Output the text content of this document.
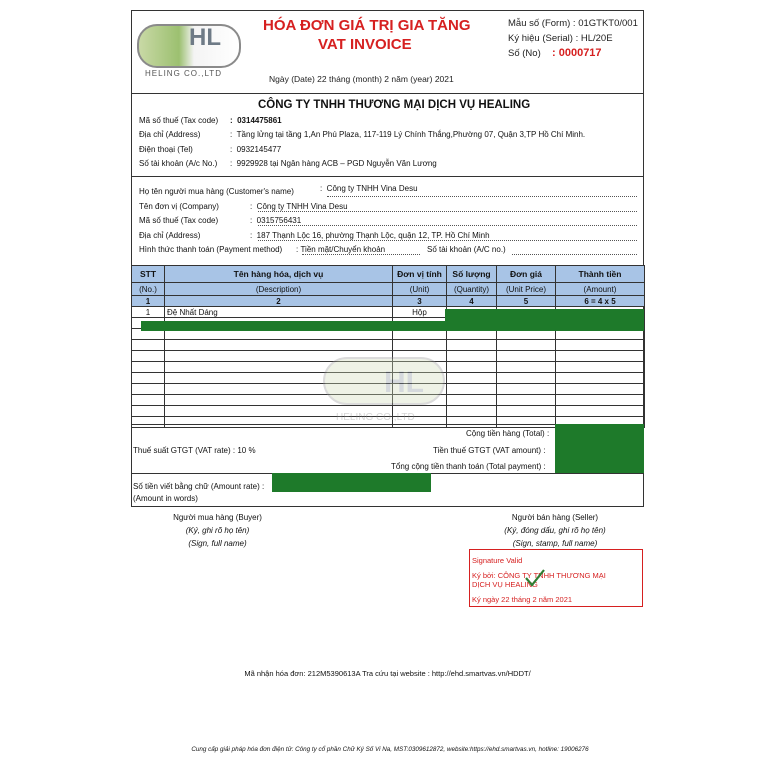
HL
HELING CO.,LTD
HÓA ĐƠN GIÁ TRỊ GIA TĂNG
VAT INVOICE
Ngày (Date) 22 tháng (month) 2 năm (year) 2021
Mẫu số (Form) : 01GTKT0/001
Ký hiệu (Serial) : HL/20E
Số (No) : 0000717
CÔNG TY TNHH THƯƠNG MẠI DỊCH VỤ HEALING
Mã số thuế (Tax code) :  0314475861
Địa chỉ (Address)	:  Tầng lửng tại tầng 1,An Phú Plaza, 117-119 Lý Chính Thắng,Phường 07, Quận 3,TP Hồ Chí Minh.
Điện thoại (Tel)	:  0932145477
Số tài khoản (A/c No.) :  9929928 tại Ngân hàng ACB – PGD Nguyễn Văn Lương
Họ tên người mua hàng (Customer's name)	:  Công ty TNHH Vina Desu
Tên đơn vị (Company)	:  Công ty TNHH Vina Desu
Mã số thuế (Tax code)	:  0315756431
Địa chỉ (Address)	:  187 Thạnh Lộc 16, phường Thạnh Lộc, quận 12, TP. Hồ Chí Minh
Hình thức thanh toán (Payment method) : Tiền mặt/Chuyển khoản	Số tài khoản (A/C no.)
STT	Tên hàng hóa, dịch vụ	Đơn vị tính	Số lượng	Đơn giá	Thành tiền
(No.)	(Description)	(Unit)	(Quantity)	(Unit Price)	(Amount)
1	2	3	4	5	6 = 4 x 5
1	Đệ Nhất Dáng	Hộp			

HL
HELING CO.,LTD
Cộng tiền hàng (Total) :
Thuế suất GTGT (VAT rate) : 10 %	Tiền thuế GTGT (VAT amount) :
Tổng cộng tiền thanh toán (Total payment) :
Số tiền viết bằng chữ (Amount rate) :
(Amount in words)
Người mua hàng (Buyer)
(Ký, ghi rõ họ tên)
(Sign, full name)
Người bán hàng (Seller)
(Ký, đóng dấu, ghi rõ họ tên)
(Sign, stamp, full name)
Signature Valid
Ký bởi: CÔNG TY TNHH THƯƠNG MẠI
DỊCH VỤ HEALING
Ký ngày 22 tháng 2 năm 2021
Mã nhận hóa đơn: 212M5390613A Tra cứu tại website : http://ehd.smartvas.vn/HDDT/
Cung cấp giải pháp hóa đơn điện tử: Công ty cổ phần Chữ Ký Số Vi Na, MST:0309612872, website:https://ehd.smartvas.vn, hotline: 19006276
